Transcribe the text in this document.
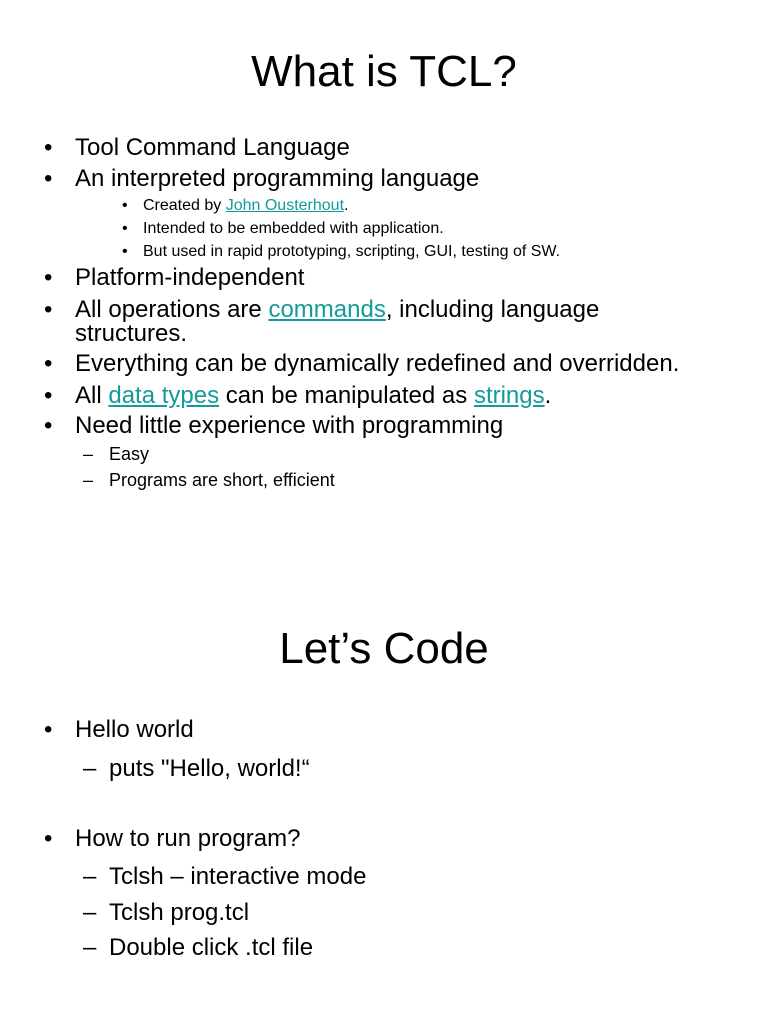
What is TCL?
• Tool Command Language
• An interpreted programming language
• Created by John Ousterhout.
• Intended to be embedded with application.
• But used in rapid prototyping, scripting, GUI, testing of SW.
• Platform-independent
• All operations are commands, including language
structures.
• Everything can be dynamically redefined and overridden.
• All data types can be manipulated as strings.
• Need little experience with programming
– Easy
– Programs are short, efficient
Let’s Code
• Hello world
– puts "Hello, world!“
• How to run program?
– Tclsh – interactive mode
– Tclsh prog.tcl
– Double click .tcl file
